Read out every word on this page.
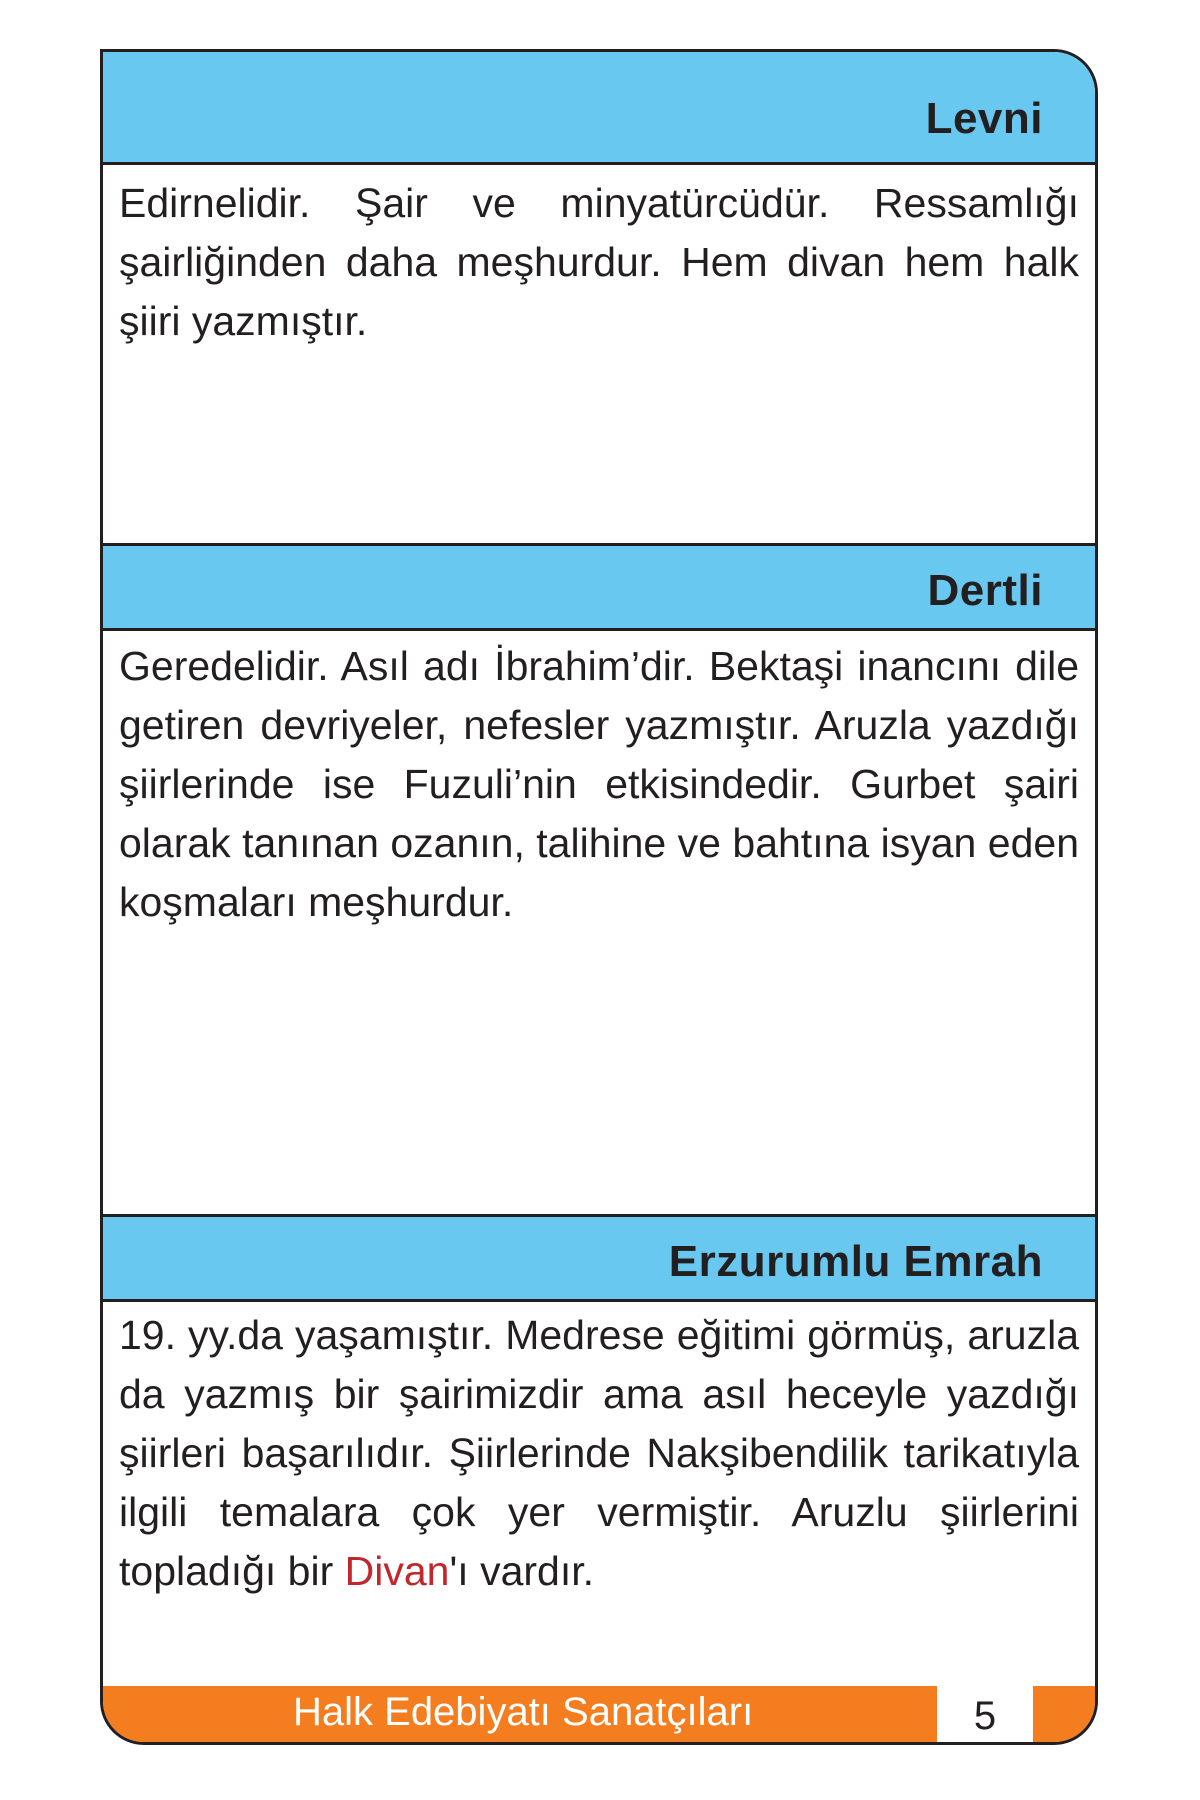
Levni

Edirnelidir. Şair ve minyatürcüdür. Ressamlığı şairliğinden daha meşhurdur. Hem divan hem halk şiiri yazmıştır.

Dertli

Geredelidir. Asıl adı İbrahim’dir. Bektaşi inancını dile getiren devriyeler, nefesler yazmıştır. Aruzla yazdığı şiirlerinde ise Fuzuli’nin etkisindedir. Gurbet şairi olarak tanınan ozanın, talihine ve bahtına isyan eden koşmaları meşhurdur.

Erzurumlu Emrah

19. yy.da yaşamıştır. Medrese eğitimi görmüş, aruzla da yazmış bir şairimizdir ama asıl heceyle yazdığı şiirleri başarılıdır. Şiirlerinde Nakşibendilik tarikatıyla ilgili temalara çok yer vermiştir. Aruzlu şiirlerini topladığı bir Divan'ı vardır.

Halk Edebiyatı Sanatçıları	5
